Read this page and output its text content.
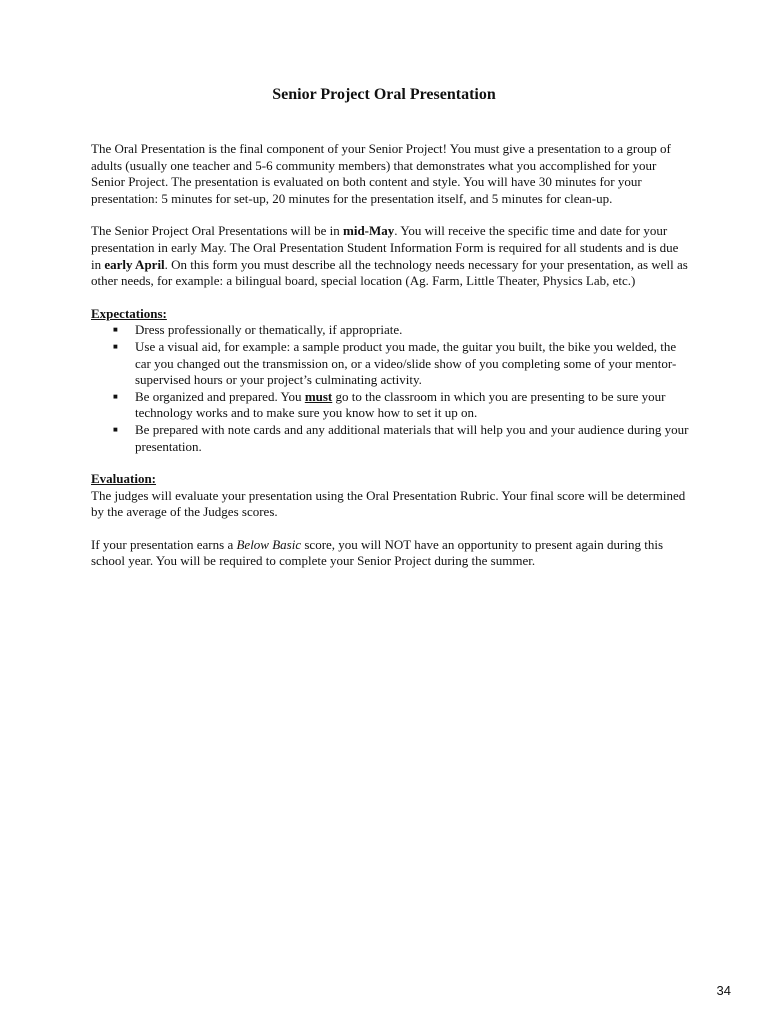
Senior Project Oral Presentation

The Oral Presentation is the final component of your Senior Project! You must give a presentation to a group of adults (usually one teacher and 5-6 community members) that demonstrates what you accomplished for your Senior Project. The presentation is evaluated on both content and style. You will have 30 minutes for your presentation: 5 minutes for set-up, 20 minutes for the presentation itself, and 5 minutes for clean-up.

The Senior Project Oral Presentations will be in mid-May. You will receive the specific time and date for your presentation in early May. The Oral Presentation Student Information Form is required for all students and is due in early April. On this form you must describe all the technology needs necessary for your presentation, as well as other needs, for example: a bilingual board, special location (Ag. Farm, Little Theater, Physics Lab, etc.)

Expectations:
■ Dress professionally or thematically, if appropriate.
■ Use a visual aid, for example: a sample product you made, the guitar you built, the bike you welded, the car you changed out the transmission on, or a video/slide show of you completing some of your mentor-supervised hours or your project’s culminating activity.
■ Be organized and prepared. You must go to the classroom in which you are presenting to be sure your technology works and to make sure you know how to set it up on.
■ Be prepared with note cards and any additional materials that will help you and your audience during your presentation.
Evaluation:

The judges will evaluate your presentation using the Oral Presentation Rubric. Your final score will be determined by the average of the Judges scores.

If your presentation earns a Below Basic score, you will NOT have an opportunity to present again during this school year. You will be required to complete your Senior Project during the summer.

34
